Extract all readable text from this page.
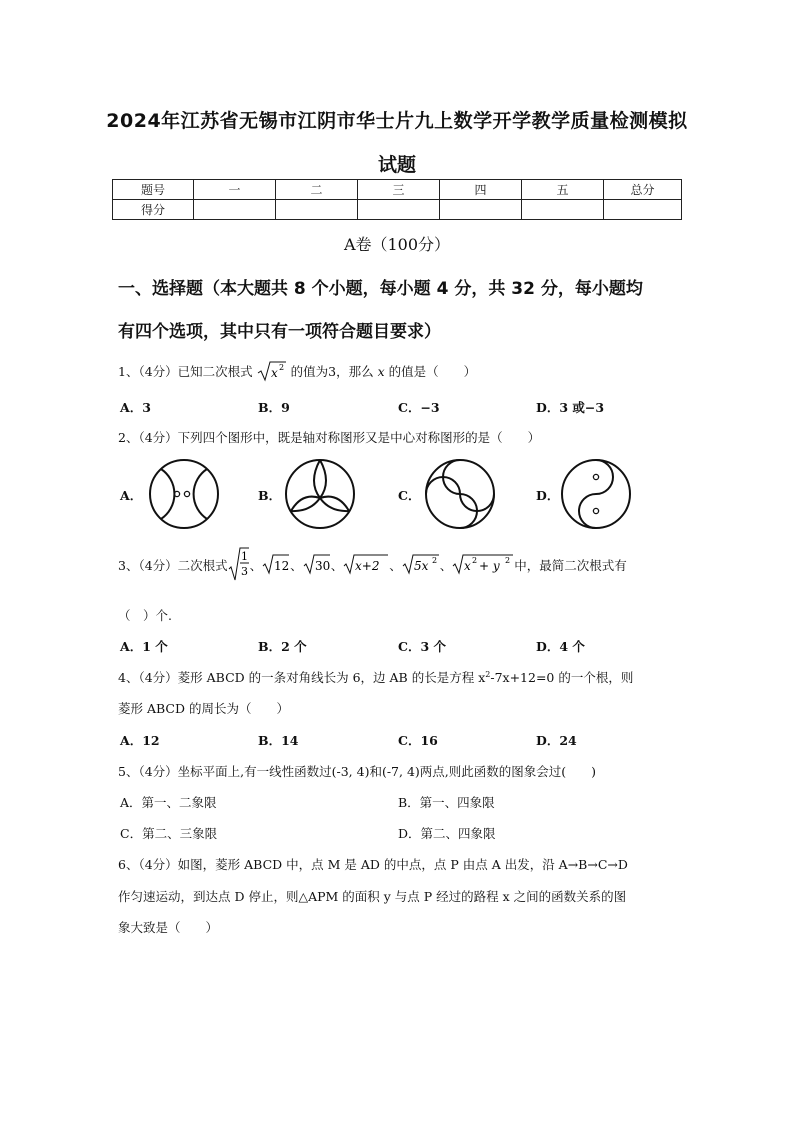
2024年江苏省无锡市江阴市华士片九上数学开学教学质量检测模拟
试题
题号	一	二	三	四	五	总分
得分						
A卷（100分）
一、选择题（本大题共 8 个小题，每小题 4 分，共 32 分，每小题均
有四个选项，其中只有一项符合题目要求）
1、（4分）已知二次根式 x 2 的值为3，那么 x 的值是（　　）
A．3	B．9	C．−3	D．3 或−3
2、（4分）下列四个图形中，既是轴对称图形又是中心对称图形的是（　　）
A．	B．	C．	D．
3、（4分）二次根式
1
3 、 12 、 30 、 x+2 、 5x 2 、 x 2 + y 2 中，最简二次根式有
（　）个.
A．1 个	B．2 个	C．3 个	D．4 个
4、（4分）菱形 ABCD 的一条对角线长为 6，边 AB 的长是方程 $x^2-7x+12=0$ 的一个根，则
菱形 ABCD 的周长为（　　）
A．12	B．14	C．16	D．24
5、（4分）坐标平面上,有一线性函数过(-3, 4)和(-7, 4)两点,则此函数的图象会过(　　)
A．第一、二象限	B．第一、四象限
C．第二、三象限	D．第二、四象限
6、（4分）如图，菱形 ABCD 中，点 M 是 AD 的中点，点 P 由点 A 出发，沿 A→B→C→D
作匀速运动，到达点 D 停止，则△APM 的面积 y 与点 P 经过的路程 x 之间的函数关系的图
象大致是（　　）
